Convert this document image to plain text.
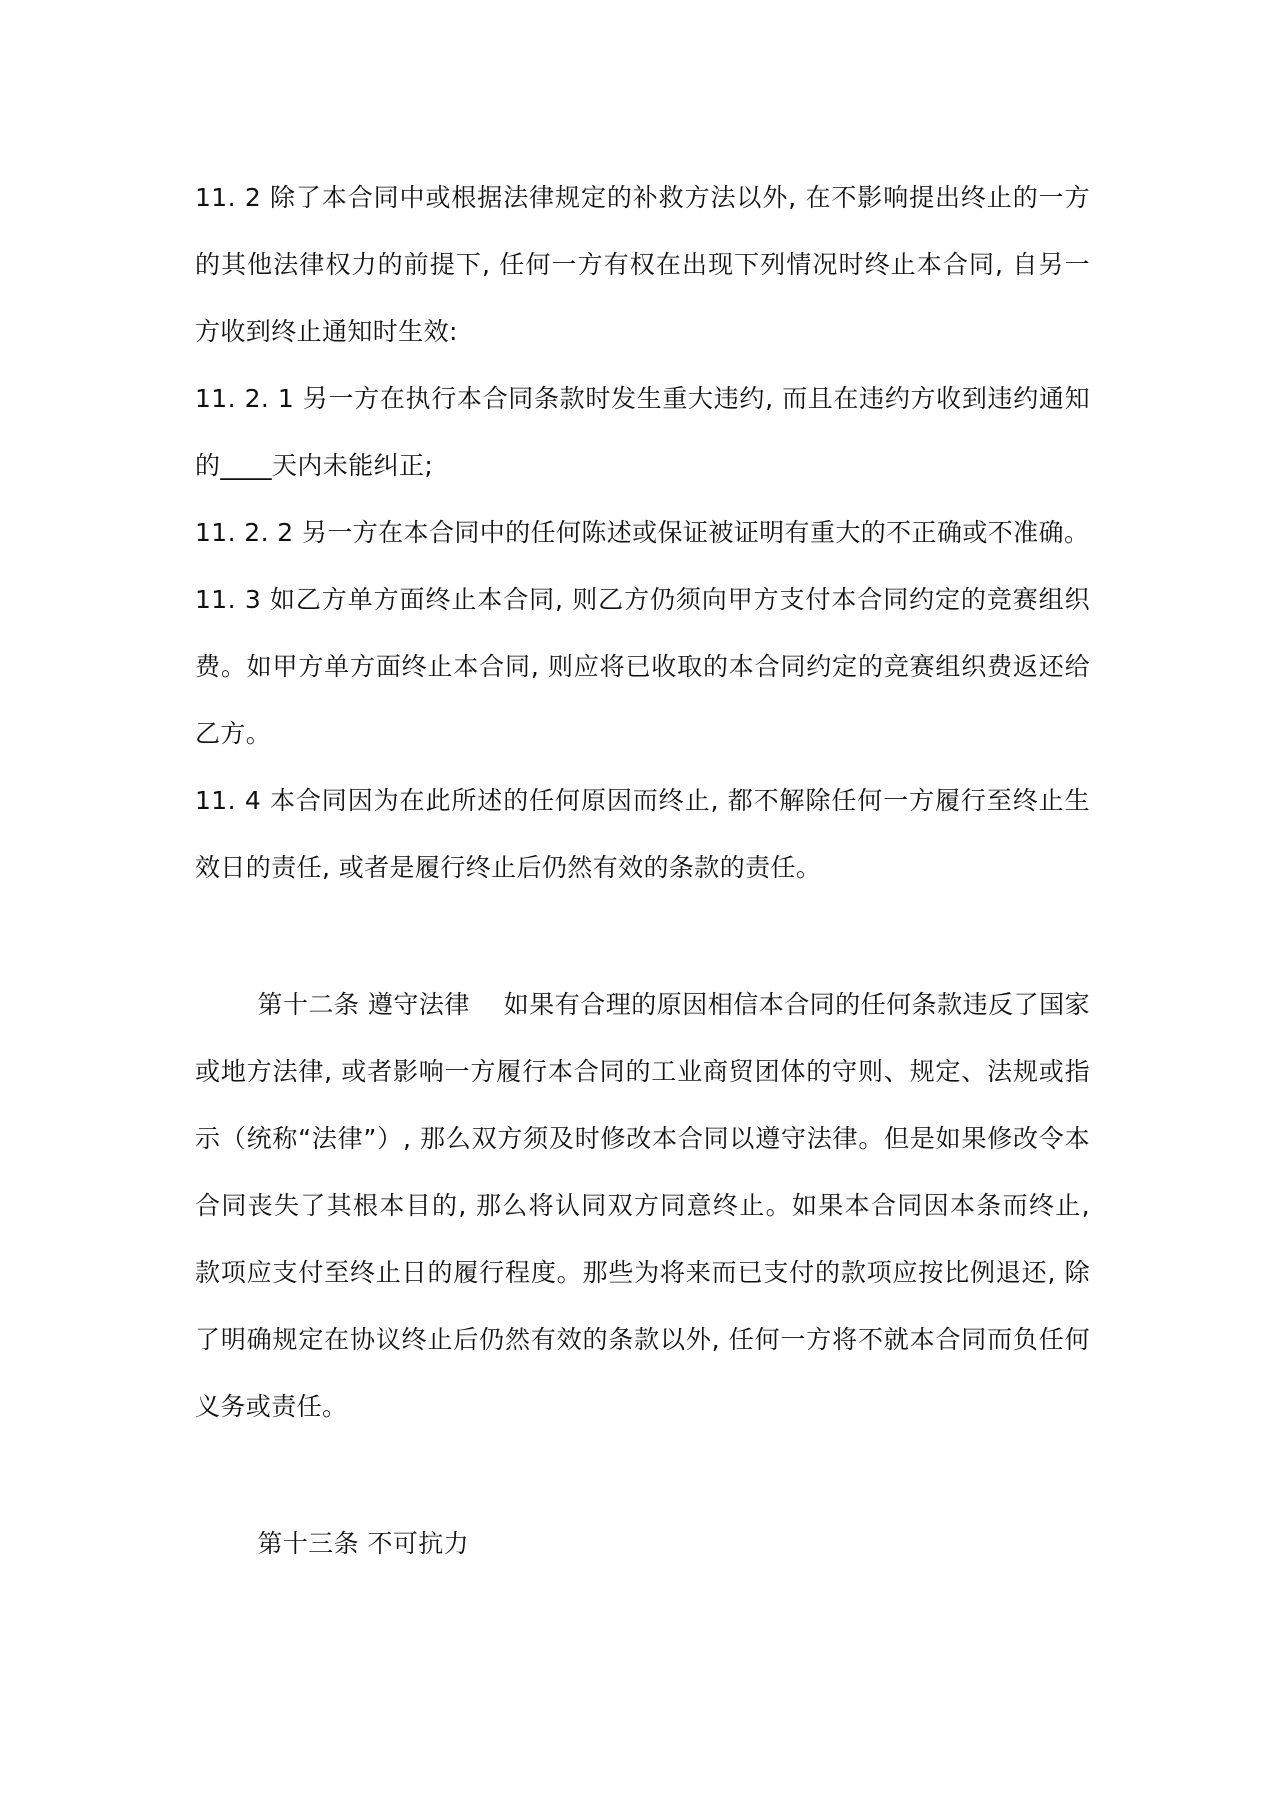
11. 2 除了本合同中或根据法律规定的补救方法以外, 在不影响提出终止的一方的其他法律权力的前提下, 任何一方有权在出现下列情况时终止本合同, 自另一方收到终止通知时生效:

11. 2. 1 另一方在执行本合同条款时发生重大违约, 而且在违约方收到违约通知的____天内未能纠正;

11. 2. 2 另一方在本合同中的任何陈述或保证被证明有重大的不正确或不准确。

11. 3 如乙方单方面终止本合同, 则乙方仍须向甲方支付本合同约定的竞赛组织费。如甲方单方面终止本合同, 则应将已收取的本合同约定的竞赛组织费返还给乙方。

11. 4 本合同因为在此所述的任何原因而终止, 都不解除任何一方履行至终止生效日的责任, 或者是履行终止后仍然有效的条款的责任。

第十二条 遵守法律　 如果有合理的原因相信本合同的任何条款违反了国家或地方法律, 或者影响一方履行本合同的工业商贸团体的守则、规定、法规或指示（统称“法律”）, 那么双方须及时修改本合同以遵守法律。但是如果修改令本合同丧失了其根本目的, 那么将认同双方同意终止。如果本合同因本条而终止, 款项应支付至终止日的履行程度。那些为将来而已支付的款项应按比例退还, 除了明确规定在协议终止后仍然有效的条款以外, 任何一方将不就本合同而负任何义务或责任。

第十三条 不可抗力
